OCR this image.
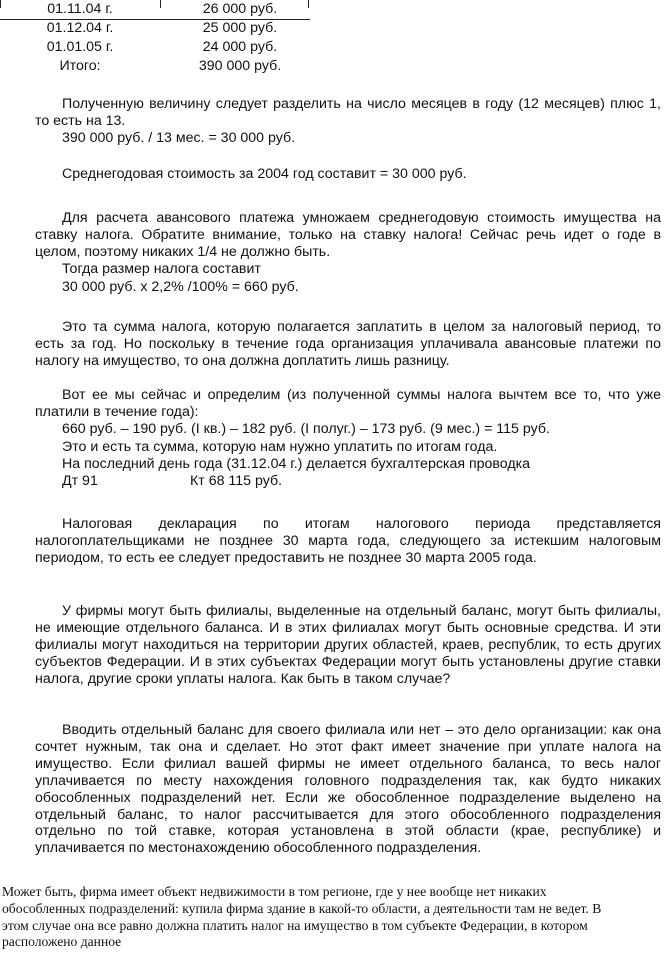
01.11.04 г.	26 000 руб.
01.12.04 г.	25 000 руб.
01.01.05 г.	24 000 руб.
Итого:	390 000 руб.

Полученную величину следует разделить на число месяцев в году (12 месяцев) плюс 1, то есть на 13.

390 000 руб. / 13 мес. = 30 000 руб.

Среднегодовая стоимость за 2004 год составит = 30 000 руб.

Для расчета авансового платежа умножаем среднегодовую стоимость имущества на ставку налога. Обратите внимание, только на ставку налога! Сейчас речь идет о годе в целом, поэтому никаких 1/4 не должно быть.

Тогда размер налога составит

30 000 руб. х 2,2% /100% = 660 руб.

Это та сумма налога, которую полагается заплатить в целом за налоговый период, то есть за год. Но поскольку в течение года организация уплачивала авансовые платежи по налогу на имущество, то она должна доплатить лишь разницу.

Вот ее мы сейчас и определим (из полученной суммы налога вычтем все то, что уже платили в течение года):

660 руб. – 190 руб. (I кв.) – 182 руб. (I полуг.) – 173 руб. (9 мес.) = 115 руб.

Это и есть та сумма, которую нам нужно уплатить по итогам года.

На последний день года (31.12.04 г.) делается бухгалтерская проводка

Дт 91	Кт 68 115 руб.

Налоговая декларация по итогам налогового периода представляется налогоплательщиками не позднее 30 марта года, следующего за истекшим налоговым периодом, то есть ее следует предоставить не позднее 30 марта 2005 года.

У фирмы могут быть филиалы, выделенные на отдельный баланс, могут быть филиалы, не имеющие отдельного баланса. И в этих филиалах могут быть основные средства. И эти филиалы могут находиться на территории других областей, краев, республик, то есть других субъектов Федерации. И в этих субъектах Федерации могут быть установлены другие ставки налога, другие сроки уплаты налога. Как быть в таком случае?

Вводить отдельный баланс для своего филиала или нет – это дело организации: как она сочтет нужным, так она и сделает. Но этот факт имеет значение при уплате налога на имущество. Если филиал вашей фирмы не имеет отдельного баланса, то весь налог уплачивается по месту нахождения головного подразделения так, как будто никаких обособленных подразделений нет. Если же обособленное подразделение выделено на отдельный баланс, то налог рассчитывается для этого обособленного подразделения отдельно по той ставке, которая установлена в этой области (крае, республике) и уплачивается по местонахождению обособленного подразделения.

Может быть, фирма имеет объект недвижимости в том регионе, где у нее вообще нет никаких обособленных подразделений: купила фирма здание в какой-то области, а деятельности там не ведет. В этом случае она все равно должна платить налог на имущество в том субъекте Федерации, в котором расположено данное
